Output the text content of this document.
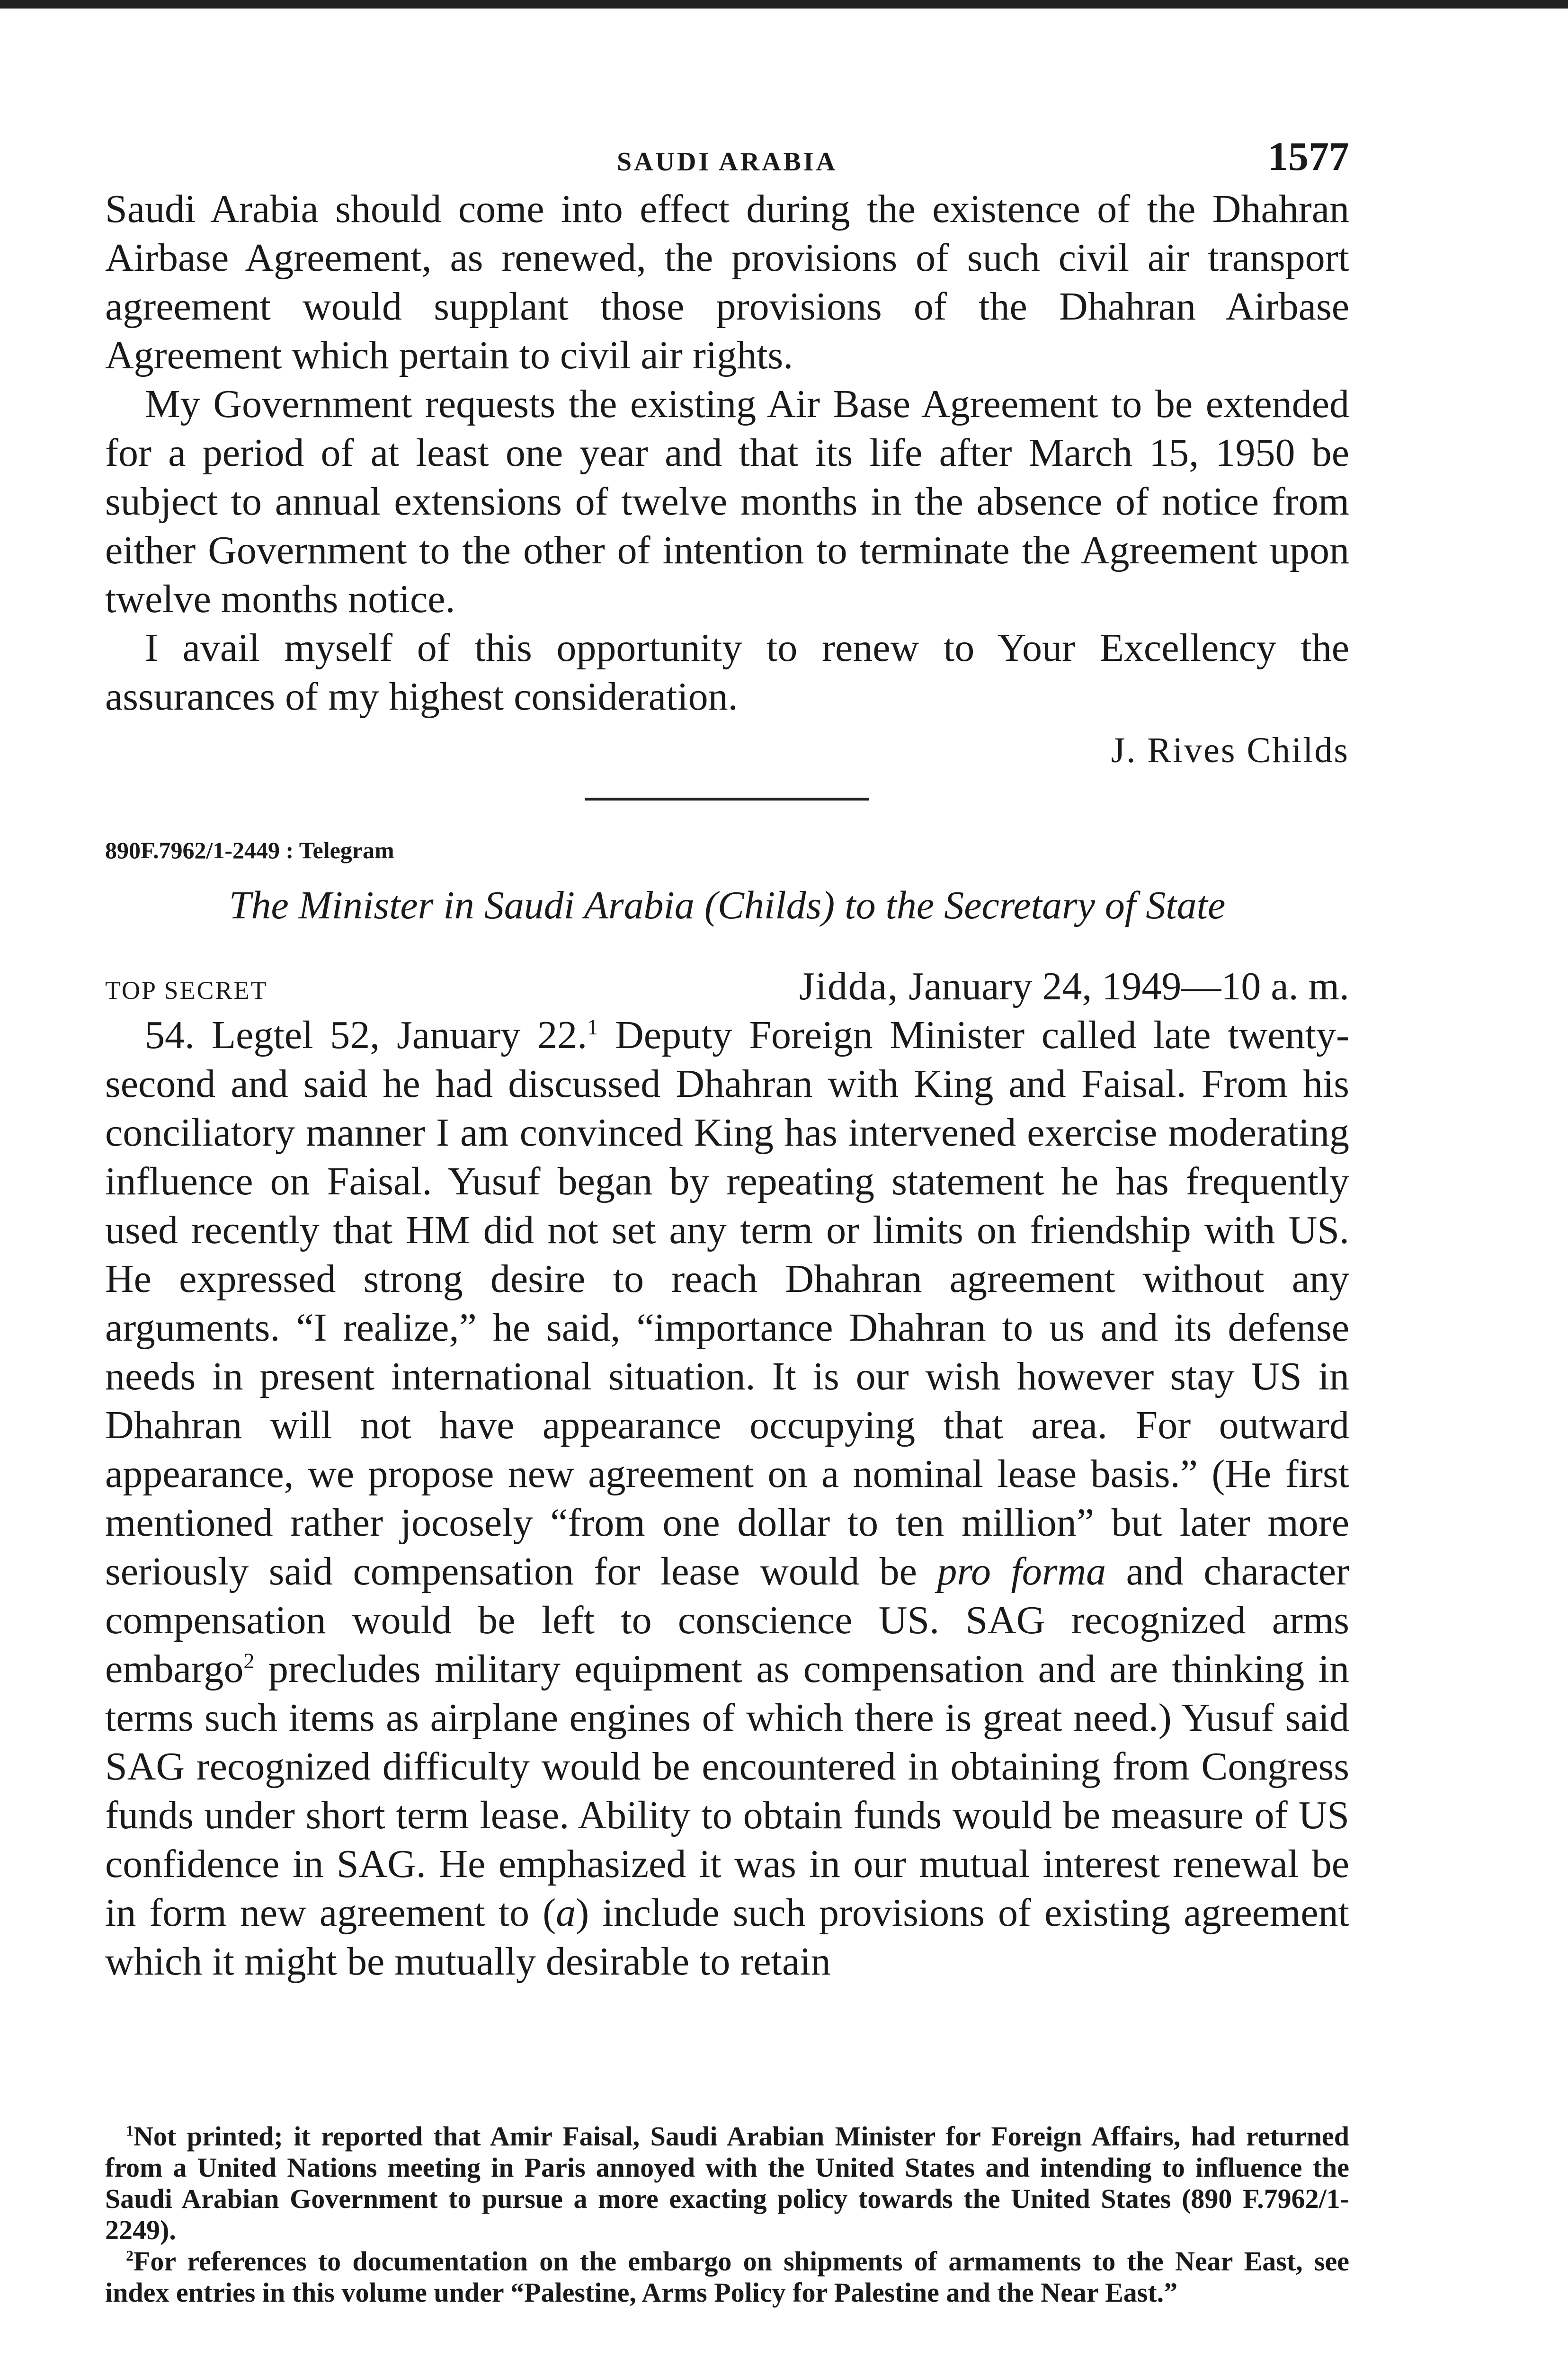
SAUDI ARABIA	1577

Saudi Arabia should come into effect during the existence of the Dhahran Airbase Agreement, as renewed, the provisions of such civil air transport agreement would supplant those provisions of the Dhahran Airbase Agreement which pertain to civil air rights.

My Government requests the existing Air Base Agreement to be extended for a period of at least one year and that its life after March 15, 1950 be subject to annual extensions of twelve months in the absence of notice from either Government to the other of intention to terminate the Agreement upon twelve months notice.

I avail myself of this opportunity to renew to Your Excellency the assurances of my highest consideration.

J. Rives Childs

890F.7962/1-2449 : Telegram

The Minister in Saudi Arabia (Childs) to the Secretary of State
TOP SECRET	Jidda, January 24, 1949—10 a. m.

54. Legtel 52, January 22.$^1$ Deputy Foreign Minister called late twenty-second and said he had discussed Dhahran with King and Faisal. From his conciliatory manner I am convinced King has intervened exercise moderating influence on Faisal. Yusuf began by repeating statement he has frequently used recently that HM did not set any term or limits on friendship with US. He expressed strong desire to reach Dhahran agreement without any arguments. “I realize,” he said, “importance Dhahran to us and its defense needs in present international situation. It is our wish however stay US in Dhahran will not have appearance occupying that area. For outward appearance, we propose new agreement on a nominal lease basis.” (He first mentioned rather jocosely “from one dollar to ten million” but later more seriously said compensation for lease would be pro forma and character compensation would be left to conscience US. SAG recognized arms embargo$^2$ precludes military equipment as compensation and are thinking in terms such items as airplane engines of which there is great need.) Yusuf said SAG recognized difficulty would be encountered in obtaining from Congress funds under short term lease. Ability to obtain funds would be measure of US confidence in SAG. He emphasized it was in our mutual interest renewal be in form new agreement to (a) include such provisions of existing agreement which it might be mutually desirable to retain

$^1$Not printed; it reported that Amir Faisal, Saudi Arabian Minister for Foreign Affairs, had returned from a United Nations meeting in Paris annoyed with the United States and intending to influence the Saudi Arabian Government to pursue a more exacting policy towards the United States (890 F.7962/1-2249).

$^2$For references to documentation on the embargo on shipments of armaments to the Near East, see index entries in this volume under “Palestine, Arms Policy for Palestine and the Near East.”
